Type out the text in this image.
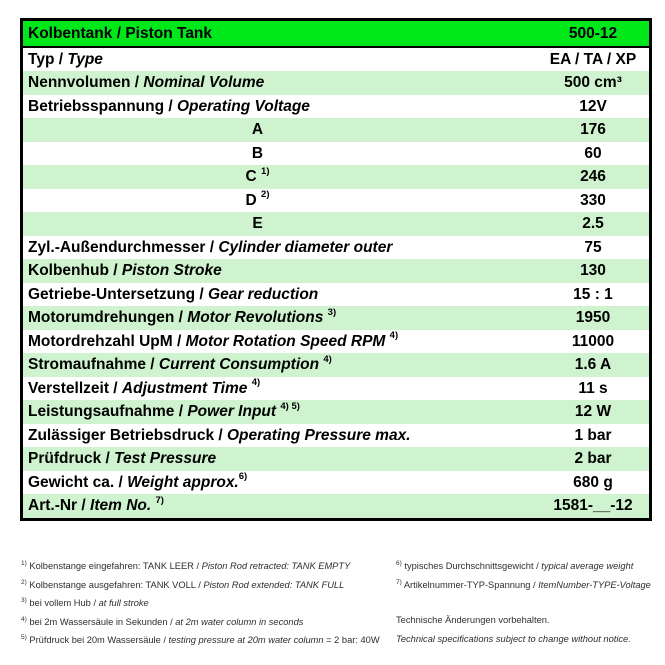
Kolbentank / Piston Tank	500-12
Typ / Type	EA / TA / XP
Nennvolumen / Nominal Volume	500 cm³
Betriebsspannung / Operating Voltage	12V
A	176
B	60
C $^{1)}$	246
D $^{2)}$	330
E	2.5
Zyl.-Außendurchmesser / Cylinder diameter outer	75
Kolbenhub / Piston Stroke	130
Getriebe-Untersetzung / Gear reduction	15 : 1
Motorumdrehungen / Motor Revolutions $^{3)}$	1950
Motordrehzahl UpM / Motor Rotation Speed RPM $^{4)}$	11000
Stromaufnahme / Current Consumption $^{4)}$	1.6 A
Verstellzeit / Adjustment Time $^{4)}$	11 s
Leistungsaufnahme / Power Input $^{4) 5)}$	12 W
Zulässiger Betriebsdruck / Operating Pressure max.	1 bar
Prüfdruck / Test Pressure	2 bar
Gewicht ca. / Weight approx.$^{6)}$	680 g
Art.-Nr / Item No. $^{7)}$	1581-__-12
$^{1)}$ Kolbenstange eingefahren: TANK LEER / Piston Rod retracted: TANK EMPTY
$^{2)}$ Kolbenstange ausgefahren: TANK VOLL / Piston Rod extended: TANK FULL
$^{3)}$ bei vollem Hub / at full stroke
$^{4)}$ bei 2m Wassersäule in Sekunden / at 2m water column in seconds
$^{5)}$ Prüfdruck bei 20m Wassersäule / testing pressure at 20m water column = 2 bar: 40W
$^{6)}$ typisches Durchschnittsgewicht / typical average weight
$^{7)}$ Artikelnummer-TYP-Spannung / ItemNumber-TYPE-Voltage
Technische Änderungen vorbehalten.
Technical specifications subject to change without notice.
